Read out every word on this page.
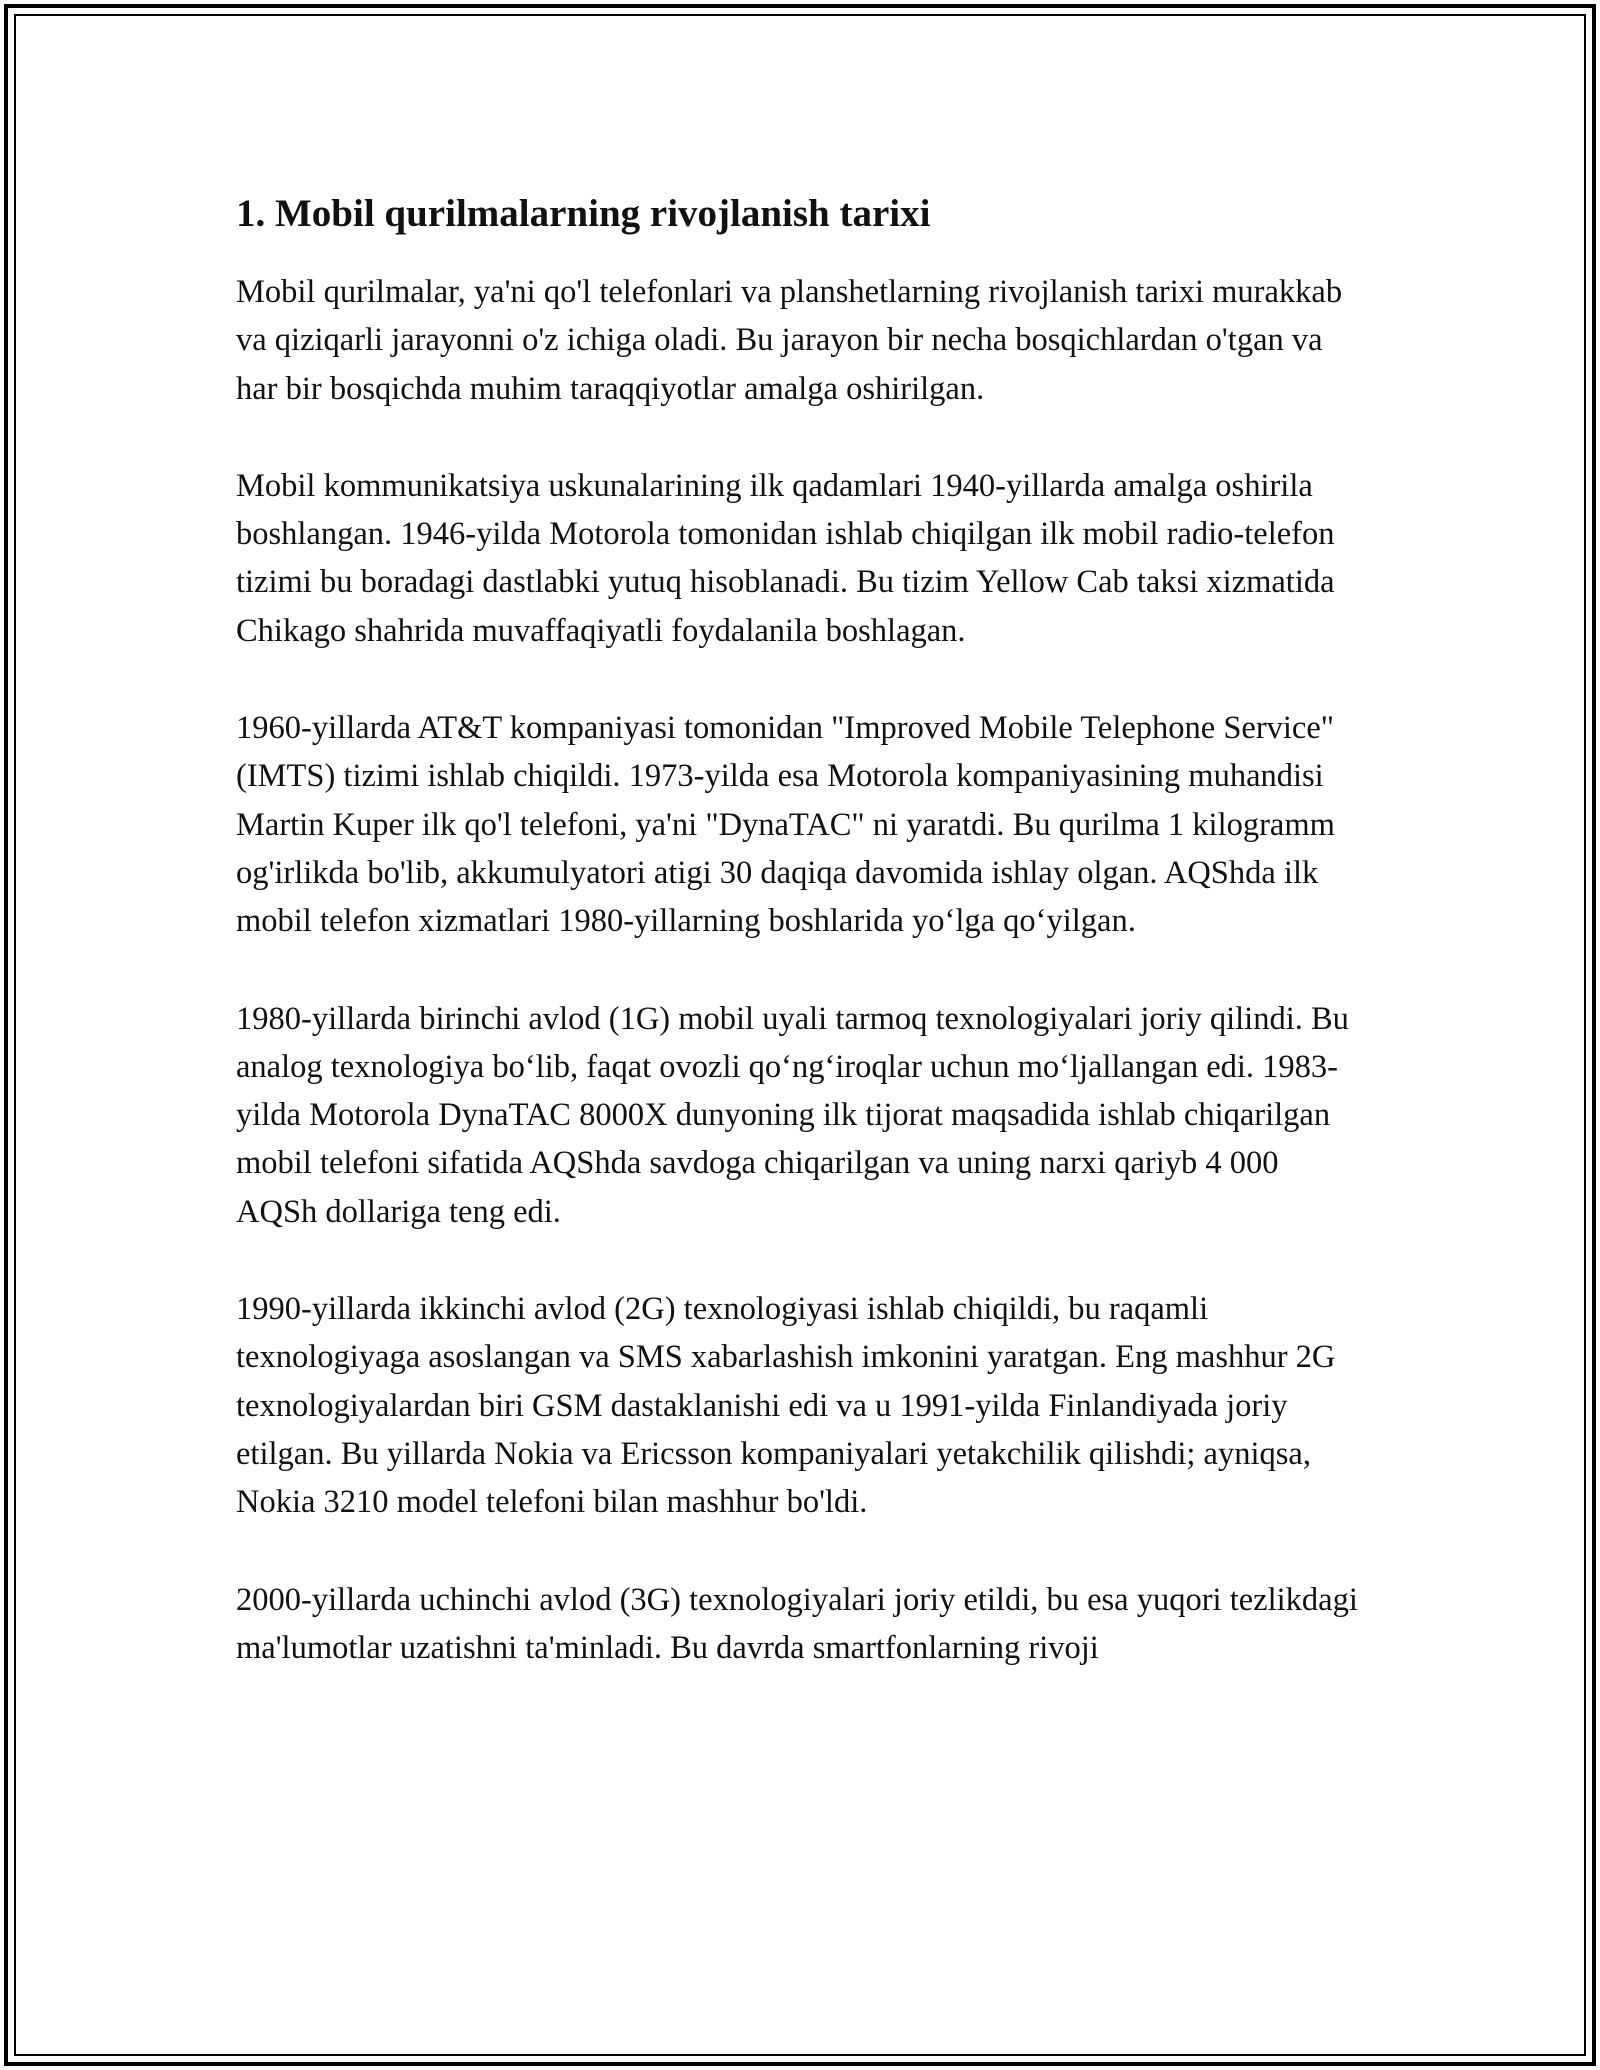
1. Mobil qurilmalarning rivojlanish tarixi

Mobil qurilmalar, ya'ni qo'l telefonlari va planshetlarning rivojlanish tarixi murakkab va qiziqarli jarayonni o'z ichiga oladi. Bu jarayon bir necha bosqichlardan o'tgan va har bir bosqichda muhim taraqqiyotlar amalga oshirilgan.

Mobil kommunikatsiya uskunalarining ilk qadamlari 1940-yillarda amalga oshirila boshlangan. 1946-yilda Motorola tomonidan ishlab chiqilgan ilk mobil radio-telefon tizimi bu boradagi dastlabki yutuq hisoblanadi. Bu tizim Yellow Cab taksi xizmatida Chikago shahrida muvaffaqiyatli foydalanila boshlagan.

1960-yillarda AT&T kompaniyasi tomonidan "Improved Mobile Telephone Service" (IMTS) tizimi ishlab chiqildi. 1973-yilda esa Motorola kompaniyasining muhandisi Martin Kuper ilk qo'l telefoni, ya'ni "DynaTAC" ni yaratdi. Bu qurilma 1 kilogramm og'irlikda bo'lib, akkumulyatori atigi 30 daqiqa davomida ishlay olgan. AQShda ilk mobil telefon xizmatlari 1980-yillarning boshlarida yo‘lga qo‘yilgan.

1980-yillarda birinchi avlod (1G) mobil uyali tarmoq texnologiyalari joriy qilindi. Bu analog texnologiya bo‘lib, faqat ovozli qo‘ng‘iroqlar uchun mo‘ljallangan edi. 1983-yilda Motorola DynaTAC 8000X dunyoning ilk tijorat maqsadida ishlab chiqarilgan mobil telefoni sifatida AQShda savdoga chiqarilgan va uning narxi qariyb 4 000 AQSh dollariga teng edi.

1990-yillarda ikkinchi avlod (2G) texnologiyasi ishlab chiqildi, bu raqamli texnologiyaga asoslangan va SMS xabarlashish imkonini yaratgan. Eng mashhur 2G texnologiyalardan biri GSM dastaklanishi edi va u 1991-yilda Finlandiyada joriy etilgan. Bu yillarda Nokia va Ericsson kompaniyalari yetakchilik qilishdi; ayniqsa, Nokia 3210 model telefoni bilan mashhur bo'ldi.

2000-yillarda uchinchi avlod (3G) texnologiyalari joriy etildi, bu esa yuqori tezlikdagi ma'lumotlar uzatishni ta'minladi. Bu davrda smartfonlarning rivoji
